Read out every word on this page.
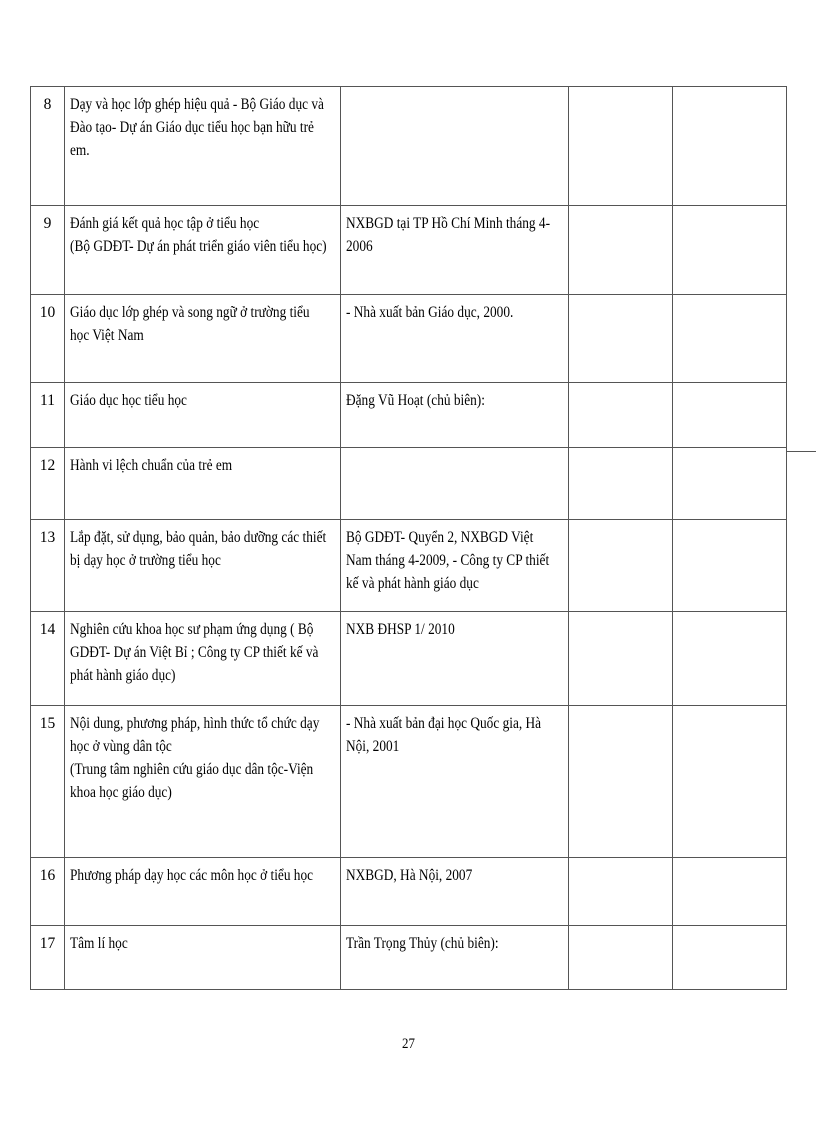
8	Dạy và học lớp ghép hiệu quả - Bộ Giáo dục và
Đào tạo- Dự án Giáo dục tiểu học bạn hữu trẻ
em.			

9	Đánh giá kết quả học tập ở tiểu học
(Bộ GDĐT- Dự án phát triển giáo viên tiểu học)	NXBGD tại TP Hồ Chí Minh tháng 4-
2006		

10	Giáo dục lớp ghép và song ngữ ở trường tiểu
học Việt Nam	- Nhà xuất bản Giáo dục, 2000.		

11	Giáo dục học tiểu học	Đặng Vũ Hoạt (chủ biên):		

12	Hành vi lệch chuẩn của trẻ em			

13	Lắp đặt, sử dụng, bảo quản, bảo dưỡng các thiết
bị dạy học ở trường tiểu học	Bộ GDĐT- Quyển 2, NXBGD Việt
Nam tháng 4-2009, - Công ty CP thiết
kế và phát hành giáo dục		

14	Nghiên cứu khoa học sư phạm ứng dụng ( Bộ
GDĐT- Dự án Việt Bỉ ; Công ty CP thiết kế và
phát hành giáo dục)	NXB ĐHSP 1/ 2010		

15	Nội dung, phương pháp, hình thức tổ chức dạy
học ở vùng dân tộc
(Trung tâm nghiên cứu giáo dục dân tộc-Viện
khoa học giáo dục)	- Nhà xuất bản đại học Quốc gia, Hà
Nội, 2001		

16	Phương pháp dạy học các môn học ở tiểu học	NXBGD, Hà Nội, 2007		

17	Tâm lí học	Trần Trọng Thủy (chủ biên):		

27
